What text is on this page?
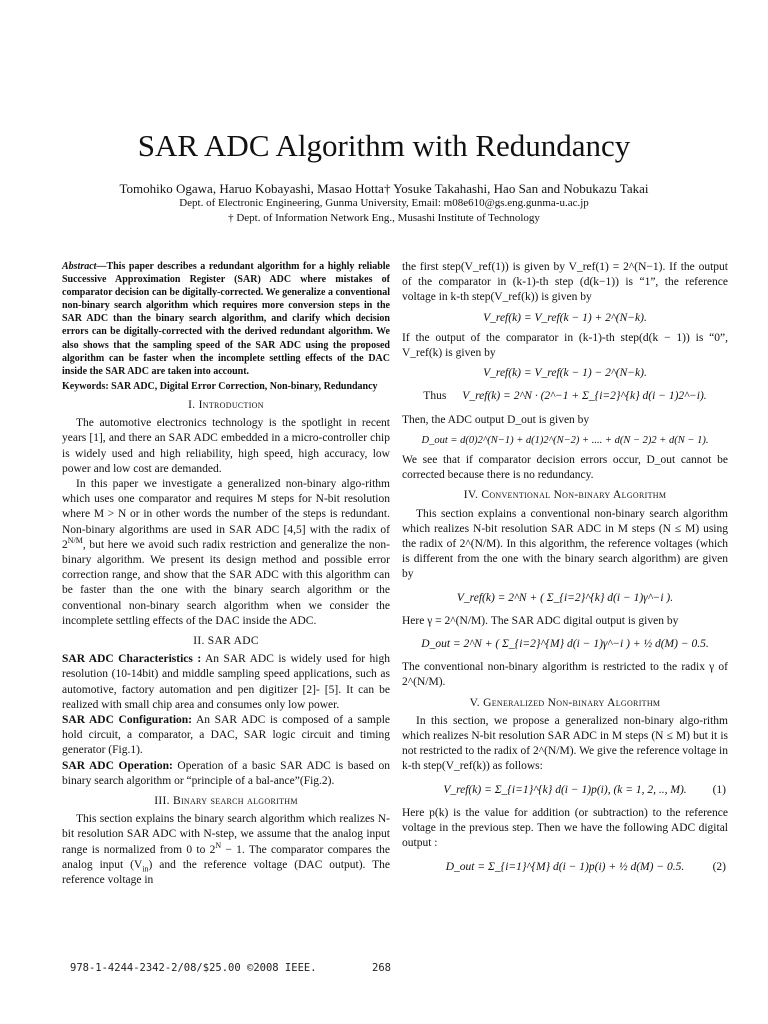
SAR ADC Algorithm with Redundancy
Tomohiko Ogawa, Haruo Kobayashi, Masao Hotta† Yosuke Takahashi, Hao San and Nobukazu Takai
Dept. of Electronic Engineering, Gunma University, Email: m08e610@gs.eng.gunma-u.ac.jp
† Dept. of Information Network Eng., Musashi Institute of Technology

Abstract—This paper describes a redundant algorithm for a highly reliable Successive Approximation Register (SAR) ADC where mistakes of comparator decision can be digitally-corrected. We generalize a conventional non-binary search algorithm which requires more conversion steps in the SAR ADC than the binary search algorithm, and clarify which decision errors can be digitally-corrected with the derived redundant algorithm. We also shows that the sampling speed of the SAR ADC using the proposed algorithm can be faster when the incomplete settling effects of the DAC inside the SAR ADC are taken into account.

Keywords: SAR ADC, Digital Error Correction, Non-binary, Redundancy

I. Introduction

The automotive electronics technology is the spotlight in recent years [1], and there an SAR ADC embedded in a micro-controller chip is widely used and high reliability, high speed, high accuracy, low power and low cost are demanded.

In this paper we investigate a generalized non-binary algo-rithm which uses one comparator and requires M steps for N-bit resolution where M > N or in other words the number of the steps is redundant. Non-binary algorithms are used in SAR ADC [4,5] with the radix of $2^{N/M}$, but here we avoid such radix restriction and generalize the non-binary algorithm. We present its design method and possible error correction range, and show that the SAR ADC with this algorithm can be faster than the one with the binary search algorithm or the conventional non-binary search algorithm when we consider the incomplete settling effects of the DAC inside the ADC.

II. SAR ADC

SAR ADC Characteristics : An SAR ADC is widely used for high resolution (10-14bit) and middle sampling speed applications, such as automotive, factory automation and pen digitizer [2]- [5]. It can be realized with small chip area and consumes only low power.

SAR ADC Configuration: An SAR ADC is composed of a sample hold circuit, a comparator, a DAC, SAR logic circuit and timing generator (Fig.1).

SAR ADC Operation: Operation of a basic SAR ADC is based on binary search algorithm or “principle of a bal-ance”(Fig.2).

III. Binary search algorithm

This section explains the binary search algorithm which realizes N-bit resolution SAR ADC with N-step, we assume that the analog input range is normalized from 0 to $2^N - 1$. The comparator compares the analog input $(V_{in})$ and the reference voltage (DAC output). The reference voltage in

the first step(V_ref(1)) is given by V_ref(1) = 2^(N−1). If the output of the comparator in (k-1)-th step (d(k−1)) is “1”, the reference voltage in k-th step(V_ref(k)) is given by

V_ref(k) = V_ref(k − 1) + 2^(N−k).

If the output of the comparator in (k-1)-th step(d(k − 1)) is “0”, V_ref(k) is given by

V_ref(k) = V_ref(k − 1) − 2^(N−k).

Thus V_ref(k) = 2^N · (2^−1 + Σ_{i=2}^{k} d(i − 1)2^−i).

Then, the ADC output D_out is given by

D_out = d(0)2^(N−1) + d(1)2^(N−2) + .... + d(N − 2)2 + d(N − 1).

We see that if comparator decision errors occur, D_out cannot be corrected because there is no redundancy.

IV. Conventional Non-binary Algorithm

This section explains a conventional non-binary search algorithm which realizes N-bit resolution SAR ADC in M steps (N ≤ M) using the radix of 2^(N/M). In this algorithm, the reference voltages (which is different from the one with the binary search algorithm) are given by

V_ref(k) = 2^N + ( Σ_{i=2}^{k} d(i − 1)γ^−i ).

Here γ = 2^(N/M). The SAR ADC digital output is given by

D_out = 2^N + ( Σ_{i=2}^{M} d(i − 1)γ^−i ) + ½ d(M) − 0.5.

The conventional non-binary algorithm is restricted to the radix γ of 2^(N/M).

V. Generalized Non-binary Algorithm

In this section, we propose a generalized non-binary algo-rithm which realizes N-bit resolution SAR ADC in M steps (N ≤ M) but it is not restricted to the radix of 2^(N/M). We give the reference voltage in k-th step(V_ref(k)) as follows:

V_ref(k) = Σ_{i=1}^{k} d(i − 1)p(i), (k = 1, 2, .., M). (1)

Here p(k) is the value for addition (or subtraction) to the reference voltage in the previous step. Then we have the following ADC digital output :

D_out = Σ_{i=1}^{M} d(i − 1)p(i) + ½ d(M) − 0.5. (2)

978-1-4244-2342-2/08/$25.00 ©2008 IEEE.	268
